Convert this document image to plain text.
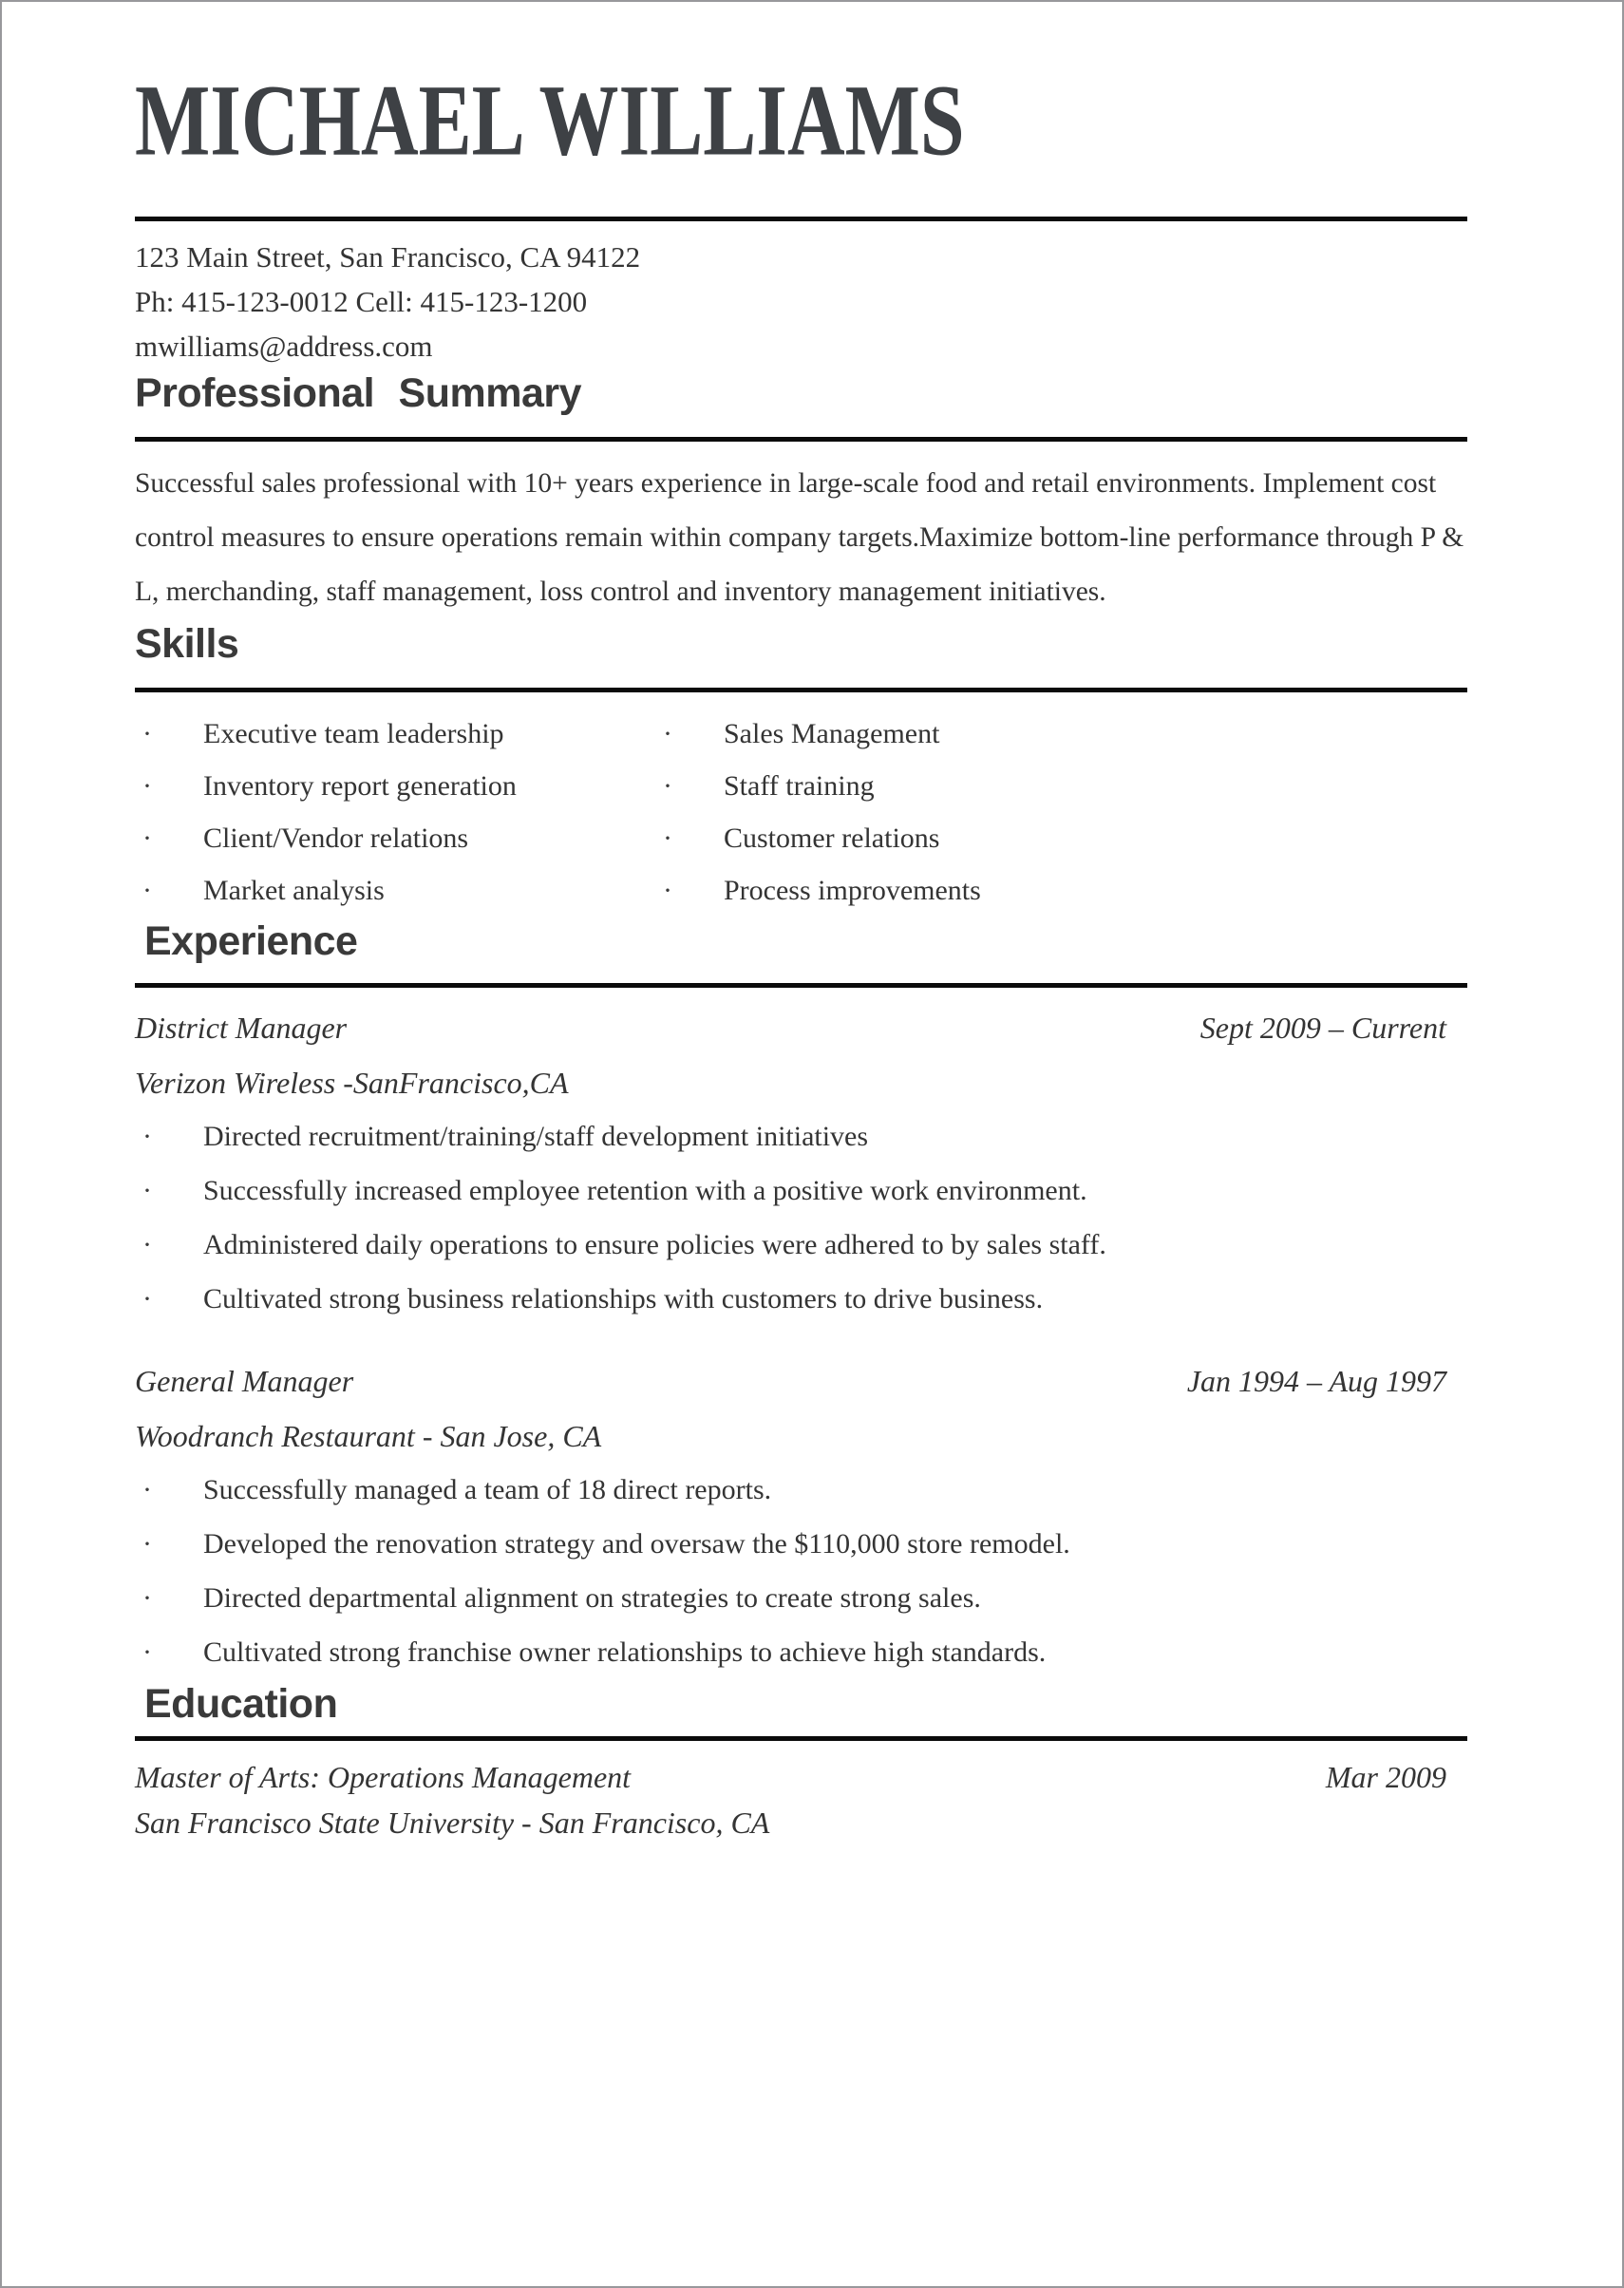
MICHAEL WILLIAMS

123 Main Street, San Francisco, CA 94122

Ph: 415-123-0012 Cell: 415-123-1200

mwilliams@address.com

Professional Summary

Successful sales professional with 10+ years experience in large-scale food and retail environments. Implement cost control measures to ensure operations remain within company targets.Maximize bottom-line performance through P & L, merchanding, staff management, loss control and inventory management initiatives.

Skills
·	Executive team leadership
·	Inventory report generation
·	Client/Vendor relations
·	Market analysis
·	Sales Management
·	Staff training
·	Customer relations
·	Process improvements
Experience
District Manager	Sept 2009 – Current

Verizon Wireless -SanFrancisco,CA

·	Directed recruitment/training/staff development initiatives
·	Successfully increased employee retention with a positive work environment.
·	Administered daily operations to ensure policies were adhered to by sales staff.
·	Cultivated strong business relationships with customers to drive business.
General Manager	Jan 1994 – Aug 1997

Woodranch Restaurant - San Jose, CA

·	Successfully managed a team of 18 direct reports.
·	Developed the renovation strategy and oversaw the $110,000 store remodel.
·	Directed departmental alignment on strategies to create strong sales.
·	Cultivated strong franchise owner relationships to achieve high standards.
Education
Master of Arts: Operations Management	Mar 2009

San Francisco State University - San Francisco, CA
